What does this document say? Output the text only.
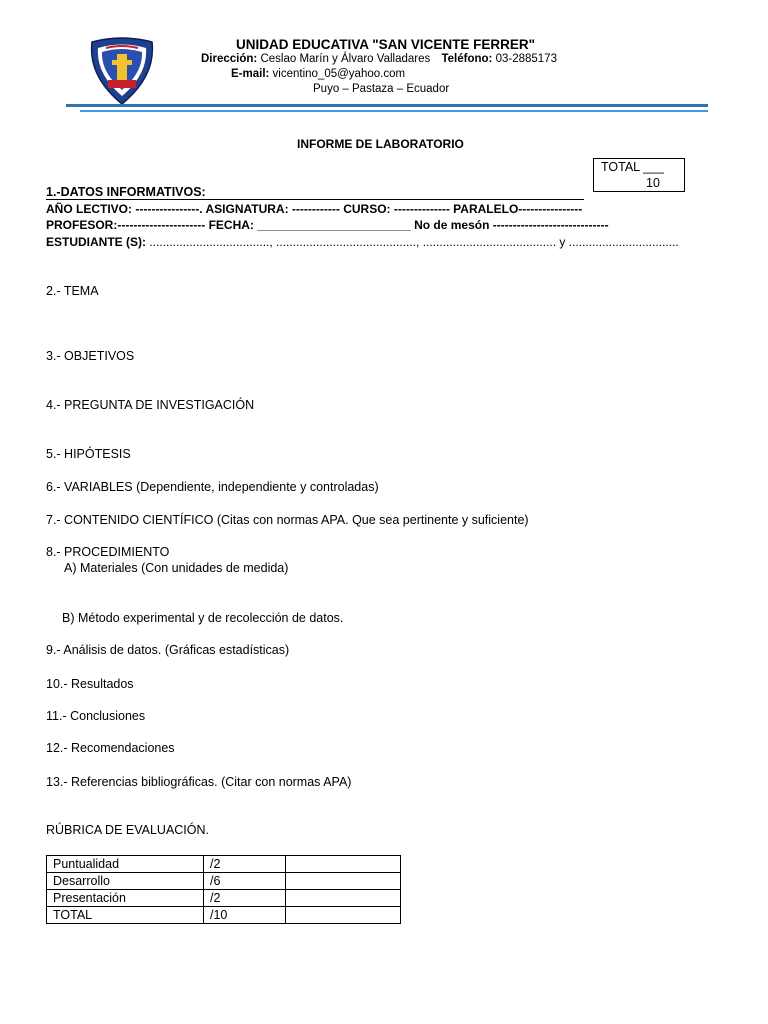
UNIDAD EDUCATIVA "SAN VICENTE FERRER"
Dirección: Ceslao Marín y Álvaro Valladares Teléfono: 03-2885173
E-mail: vicentino_05@yahoo.com
Puyo – Pastaza – Ecuador
INFORME DE LABORATORIO
TOTAL ___
10
1.-DATOS INFORMATIVOS:
AÑO LECTIVO: ----------------. ASIGNATURA: ------------ CURSO: -------------- PARALELO----------------
PROFESOR:---------------------- FECHA: _______________________ No de mesón -----------------------------
ESTUDIANTE (S): ...................................., .........................................., ........................................ y .................................
2.- TEMA
3.- OBJETIVOS
4.- PREGUNTA DE INVESTIGACIÓN
5.- HIPÓTESIS
6.- VARIABLES (Dependiente, independiente y controladas)
7.- CONTENIDO CIENTÍFICO (Citas con normas APA. Que sea pertinente y suficiente)
8.- PROCEDIMIENTO
A) Materiales (Con unidades de medida)
B) Método experimental y de recolección de datos.
9.- Análisis de datos. (Gráficas estadísticas)
10.- Resultados
11.- Conclusiones
12.- Recomendaciones
13.- Referencias bibliográficas. (Citar con normas APA)
RÚBRICA DE EVALUACIÓN.
Puntualidad	/2	
Desarrollo	/6	
Presentación	/2	
TOTAL	/10	
